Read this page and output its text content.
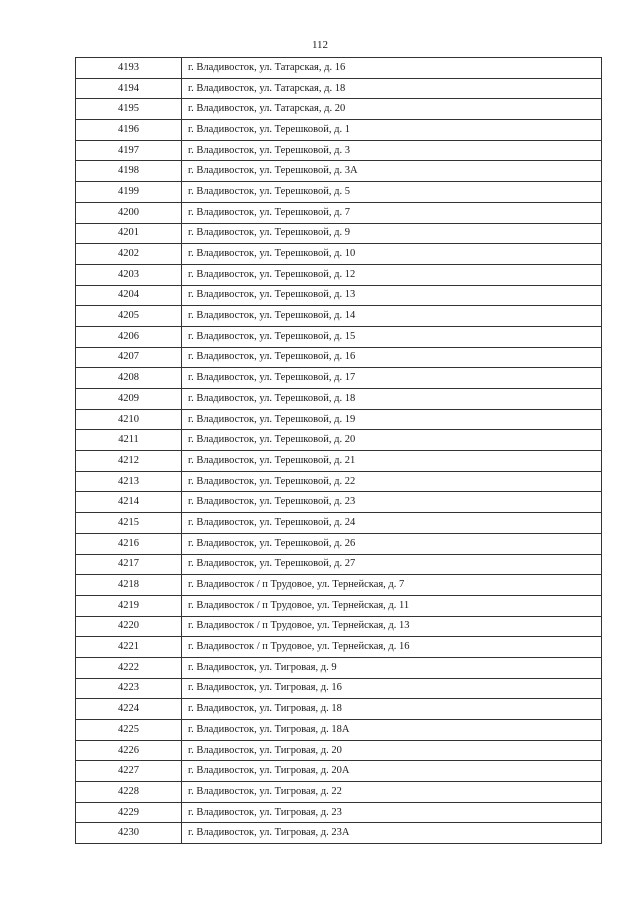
112
4193	г. Владивосток, ул. Татарская, д. 16
4194	г. Владивосток, ул. Татарская, д. 18
4195	г. Владивосток, ул. Татарская, д. 20
4196	г. Владивосток, ул. Терешковой, д. 1
4197	г. Владивосток, ул. Терешковой, д. 3
4198	г. Владивосток, ул. Терешковой, д. 3А
4199	г. Владивосток, ул. Терешковой, д. 5
4200	г. Владивосток, ул. Терешковой, д. 7
4201	г. Владивосток, ул. Терешковой, д. 9
4202	г. Владивосток, ул. Терешковой, д. 10
4203	г. Владивосток, ул. Терешковой, д. 12
4204	г. Владивосток, ул. Терешковой, д. 13
4205	г. Владивосток, ул. Терешковой, д. 14
4206	г. Владивосток, ул. Терешковой, д. 15
4207	г. Владивосток, ул. Терешковой, д. 16
4208	г. Владивосток, ул. Терешковой, д. 17
4209	г. Владивосток, ул. Терешковой, д. 18
4210	г. Владивосток, ул. Терешковой, д. 19
4211	г. Владивосток, ул. Терешковой, д. 20
4212	г. Владивосток, ул. Терешковой, д. 21
4213	г. Владивосток, ул. Терешковой, д. 22
4214	г. Владивосток, ул. Терешковой, д. 23
4215	г. Владивосток, ул. Терешковой, д. 24
4216	г. Владивосток, ул. Терешковой, д. 26
4217	г. Владивосток, ул. Терешковой, д. 27
4218	г. Владивосток / п Трудовое, ул. Тернейская, д. 7
4219	г. Владивосток / п Трудовое, ул. Тернейская, д. 11
4220	г. Владивосток / п Трудовое, ул. Тернейская, д. 13
4221	г. Владивосток / п Трудовое, ул. Тернейская, д. 16
4222	г. Владивосток, ул. Тигровая, д. 9
4223	г. Владивосток, ул. Тигровая, д. 16
4224	г. Владивосток, ул. Тигровая, д. 18
4225	г. Владивосток, ул. Тигровая, д. 18А
4226	г. Владивосток, ул. Тигровая, д. 20
4227	г. Владивосток, ул. Тигровая, д. 20А
4228	г. Владивосток, ул. Тигровая, д. 22
4229	г. Владивосток, ул. Тигровая, д. 23
4230	г. Владивосток, ул. Тигровая, д. 23А
